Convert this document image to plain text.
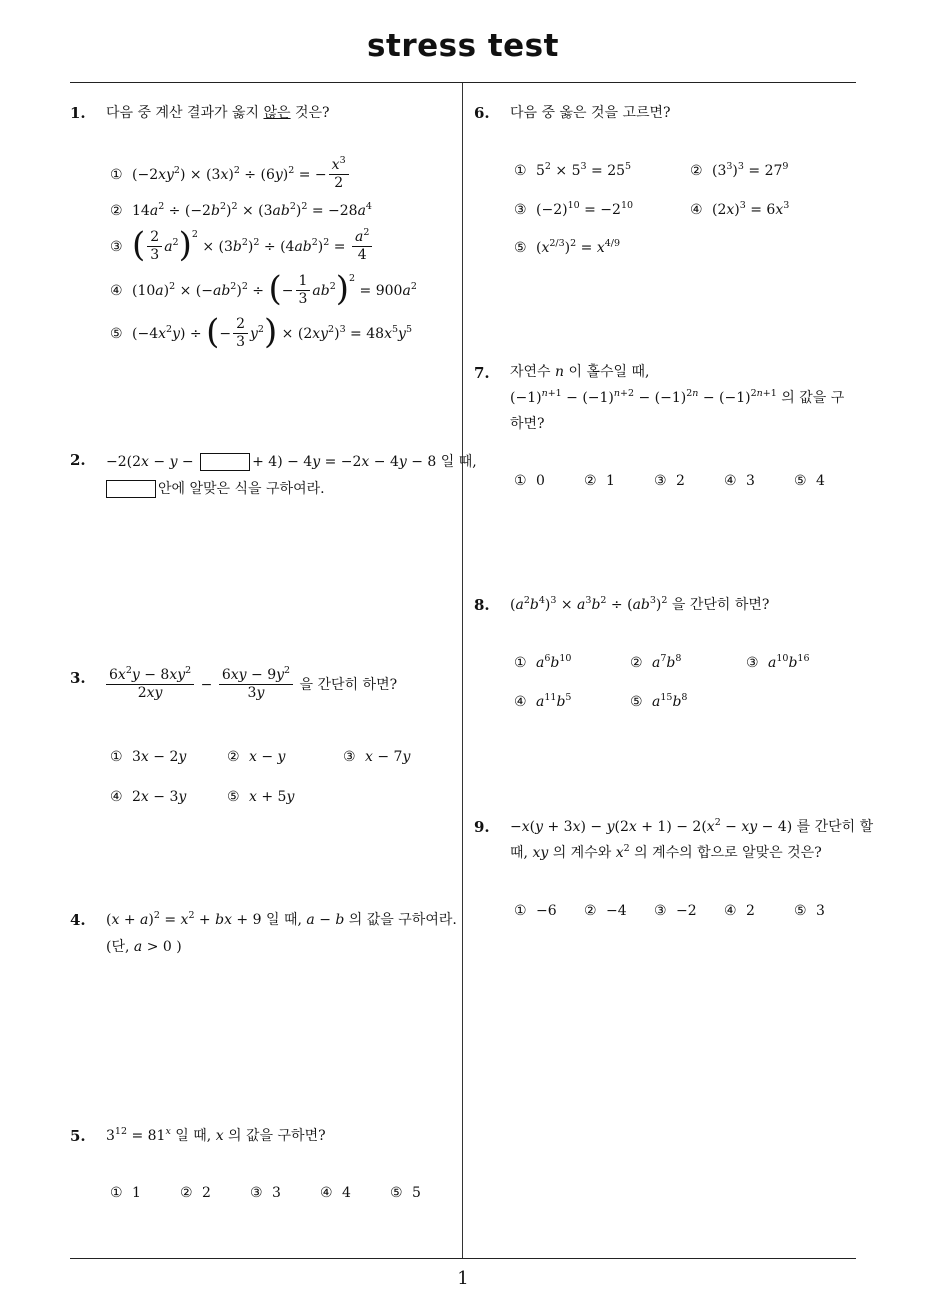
stress test
1
1. 다음 중 계산 결과가 옳지 않은 것은?
① $(-2xy^2) \times (3x)^2 \div (6y)^2$ = − $\frac{x^3}{2}$
② $14a^2 \div (-2b^2)^2 \times (3ab^2)^2 = -28a^4$
③ ( $\frac{2}{3} a^2)^2 \times (3b^2)^2 \div (4ab^2)^2 = \frac{a^2}{4}$
④ $(10a)^2 \times (-ab^2)^2$ ÷ (− $\frac{1}{3} ab^2)^2 = 900a^2$
⑤ $(-4x^2y)$ ÷ (− $\frac{2}{3} y^2) \times (2xy^2)^3 = 48x^5y^5$
2. −2(2x − y −	+ 4) − 4y = −2x − 4y − 8 일 때,
안에 알맞은 식을 구하여라.
3. $\frac{6x^2y - 8xy^2}{2xy} - \frac{6xy - 9y^2}{3y}$ 을 간단히 하면?
① 3x − 2y	② x − y	③ x − 7y
④ 2x − 3y	⑤ x + 5y
4. $(x + a)^2 = x^2$ + bx + 9 일 때, a − b 의 값을 구하여라.
(단, a > 0 )
5. $3^{12} = 81^x$ 일 때, x 의 값을 구하면?
① 1	② 2	③ 3	④ 4	⑤ 5
6. 다음 중 옳은 것을 고르면?
① $5^2 \times 5^3 = 25^5$	② $(3^3)^3 = 27^9$
③ $(-2)^{10} = -2^{10}$	④ $(2x)^3 = 6x^3$
⑤ $(x^{2/3})^2 = x^{4/9}$
7. 자연수 n 이 홀수일 때,
$(-1)^{n+1} - (-1)^{n+2} - (-1)^{2n} - (-1)^{2n+1}$ 의 값을 구
하면?
① 0	② 1	③ 2	④ 3	⑤ 4
8. $(a^2b^4)^3 \times a^3b^2 \div (ab^3)^2$ 을 간단히 하면?
① $a^6b^{10}$	② $a^7b^8$	③ $a^{10}b^{16}$
④ $a^{11}b^5$	⑤ $a^{15}b^8$
9. $-x(y + 3x) - y(2x + 1) - 2(x^2$ − xy − 4) 를 간단히 할
때, xy 의 계수와 $x^2$ 의 계수의 합으로 알맞은 것은?
① −6 ② −4 ③ −2 ④ 2	⑤ 3
